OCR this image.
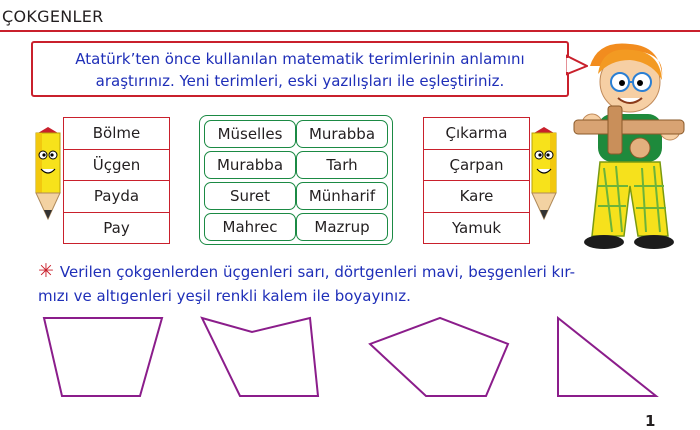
ÇOKGENLER
Atatürk’ten önce kullanılan matematik terimlerinin anlamını
araştırınız. Yeni terimleri, eski yazılışları ile eşleştiriniz.
Bölme
Üçgen
Payda
Pay
Müselles	Murabba
Murabba	Tarh
Suret	Münharif
Mahrec	Mazrup
Çıkarma
Çarpan
Kare
Yamuk
✳ Verilen çokgenlerden üçgenleri sarı, dörtgenleri mavi, beşgenleri kır-
mızı ve altıgenleri yeşil renkli kalem ile boyayınız.
1
